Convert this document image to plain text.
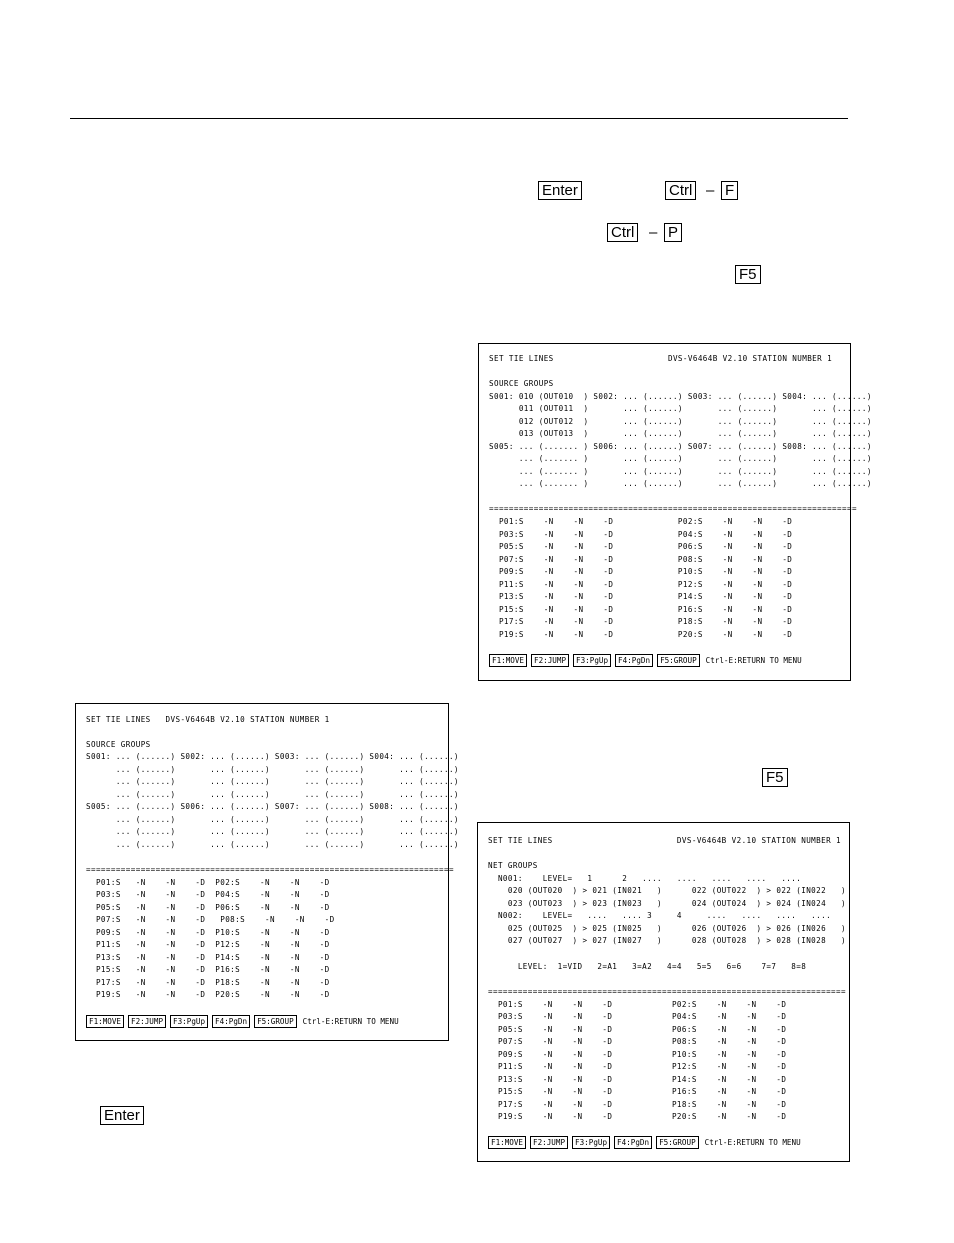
Enter	Ctrl – F
Ctrl – P
F5
F5
Enter
SET TIE LINES                       DVS-V6464B V2.10 STATION NUMBER 1
SOURCE GROUPS
S001: 010 (OUT010  ) S002: ... (......) S003: ... (......) S004: ... (......)
011 (OUT011  )       ... (......)       ... (......)       ... (......)
012 (OUT012  )       ... (......)       ... (......)       ... (......)
013 (OUT013  )       ... (......)       ... (......)       ... (......)
S005: ... (....... ) S006: ... (......) S007: ... (......) S008: ... (......)
... (....... )       ... (......)       ... (......)       ... (......)
... (....... )       ... (......)       ... (......)       ... (......)
... (....... )       ... (......)       ... (......)       ... (......)
==========================================================================
P01:S    -N    -N    -D             P02:S    -N    -N    -D
P03:S    -N    -N    -D             P04:S    -N    -N    -D
P05:S    -N    -N    -D             P06:S    -N    -N    -D
P07:S    -N    -N    -D             P08:S    -N    -N    -D
P09:S    -N    -N    -D             P10:S    -N    -N    -D
P11:S    -N    -N    -D             P12:S    -N    -N    -D
P13:S    -N    -N    -D             P14:S    -N    -N    -D
P15:S    -N    -N    -D             P16:S    -N    -N    -D
P17:S    -N    -N    -D             P18:S    -N    -N    -D
P19:S    -N    -N    -D             P20:S    -N    -N    -D
F1:MOVE F2:JUMP F3:PgUp F4:PgDn F5:GROUP Ctrl-E:RETURN TO MENU
SET TIE LINES   DVS-V6464B V2.10 STATION NUMBER 1
SOURCE GROUPS
S001: ... (......) S002: ... (......) S003: ... (......) S004: ... (......)
... (......)       ... (......)       ... (......)       ... (......)
... (......)       ... (......)       ... (......)       ... (......)
... (......)       ... (......)       ... (......)       ... (......)
S005: ... (......) S006: ... (......) S007: ... (......) S008: ... (......)
... (......)       ... (......)       ... (......)       ... (......)
... (......)       ... (......)       ... (......)       ... (......)
... (......)       ... (......)       ... (......)       ... (......)
==========================================================================
P01:S   -N    -N    -D  P02:S    -N    -N    -D
P03:S   -N    -N    -D  P04:S    -N    -N    -D
P05:S   -N    -N    -D  P06:S    -N    -N    -D
P07:S   -N    -N    -D   P08:S    -N    -N    -D
P09:S   -N    -N    -D  P10:S    -N    -N    -D
P11:S   -N    -N    -D  P12:S    -N    -N    -D
P13:S   -N    -N    -D  P14:S    -N    -N    -D
P15:S   -N    -N    -D  P16:S    -N    -N    -D
P17:S   -N    -N    -D  P18:S    -N    -N    -D
P19:S   -N    -N    -D  P20:S    -N    -N    -D
F1:MOVE F2:JUMP F3:PgUp F4:PgDn F5:GROUP Ctrl-E:RETURN TO MENU
SET TIE LINES                         DVS-V6464B V2.10 STATION NUMBER 1
NET GROUPS
N001:    LEVEL=   1      2   ....   ....   ....   ....   ....
020 (OUT020  ) > 021 (IN021   )      022 (OUT022  ) > 022 (IN022   )
023 (OUT023  ) > 023 (IN023   )      024 (OUT024  ) > 024 (IN024   )
N002:    LEVEL=   ....   .... 3     4     ....   ....   ....   ....
025 (OUT025  ) > 025 (IN025   )      026 (OUT026  ) > 026 (IN026   )
027 (OUT027  ) > 027 (IN027   )      028 (OUT028  ) > 028 (IN028   )
LEVEL:  1=VID   2=A1   3=A2   4=4   5=5   6=6    7=7   8=8
========================================================================
P01:S    -N    -N    -D            P02:S    -N    -N    -D
P03:S    -N    -N    -D            P04:S    -N    -N    -D
P05:S    -N    -N    -D            P06:S    -N    -N    -D
P07:S    -N    -N    -D            P08:S    -N    -N    -D
P09:S    -N    -N    -D            P10:S    -N    -N    -D
P11:S    -N    -N    -D            P12:S    -N    -N    -D
P13:S    -N    -N    -D            P14:S    -N    -N    -D
P15:S    -N    -N    -D            P16:S    -N    -N    -D
P17:S    -N    -N    -D            P18:S    -N    -N    -D
P19:S    -N    -N    -D            P20:S    -N    -N    -D
F1:MOVE F2:JUMP F3:PgUp F4:PgDn F5:GROUP Ctrl-E:RETURN TO MENU
